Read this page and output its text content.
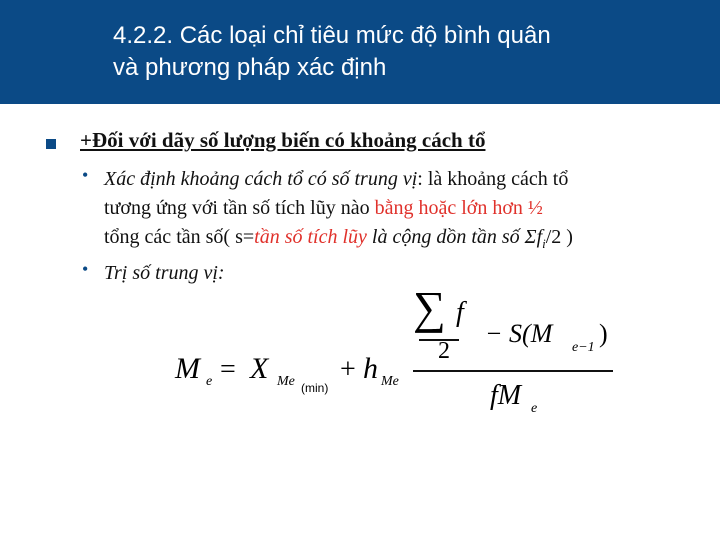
4.2.2. Các loại chỉ tiêu mức độ bình quân
và phương pháp xác định
+Đối với dãy số lượng biến có khoảng cách tổ
• Xác định khoảng cách tổ có số trung vị: là khoảng cách tổ
tương ứng với tần số tích lũy nào bằng hoặc lớn hơn ½
tổng các tần số( s=tần số tích lũy là cộng dồn tần số $\Sigma f_i/2$ )
• Trị số trung vị:
M e = X Me (min)
+ h Me
∑ f
2
− S(M e−1 )
fM e
